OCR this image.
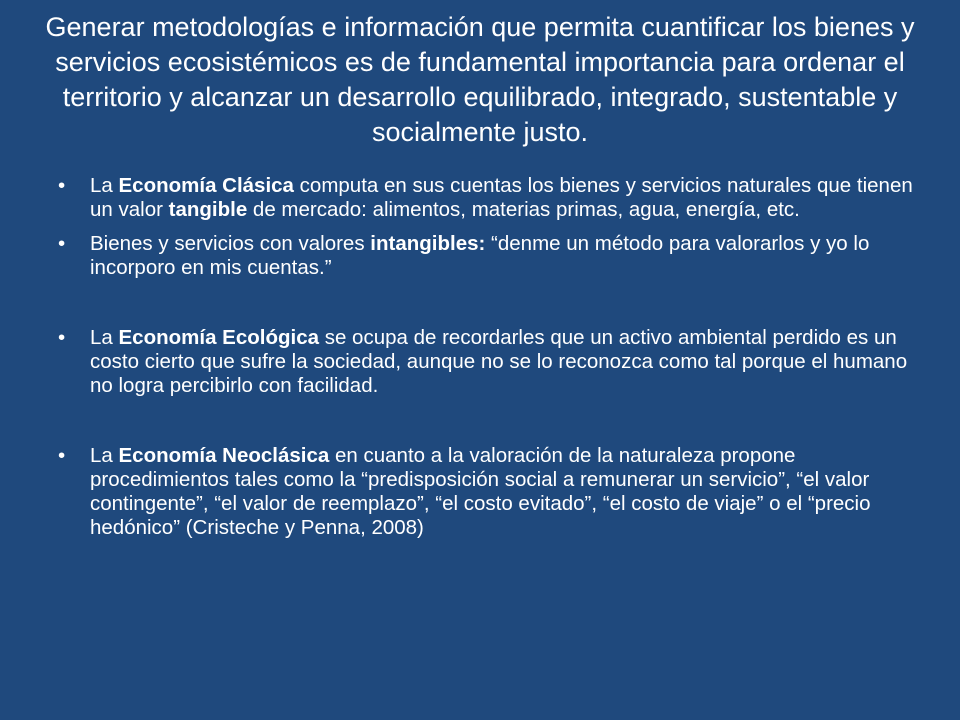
Generar metodologías e información que permita cuantificar los bienes y servicios ecosistémicos es de fundamental importancia para ordenar el territorio y alcanzar un desarrollo equilibrado, integrado, sustentable y socialmente justo.
•	La Economía Clásica computa en sus cuentas los bienes y servicios naturales que tienen un valor tangible de mercado: alimentos, materias primas, agua, energía, etc.
•	Bienes y servicios con valores intangibles: “denme un método para valorarlos y yo lo incorporo en mis cuentas.”
•	La Economía Ecológica se ocupa de recordarles que un activo ambiental perdido es un costo cierto que sufre la sociedad, aunque no se lo reconozca como tal porque el humano no logra percibirlo con facilidad.
•	La Economía Neoclásica en cuanto a la valoración de la naturaleza propone procedimientos tales como la “predisposición social a remunerar un servicio”, “el valor contingente”, “el valor de reemplazo”, “el costo evitado”, “el costo de viaje” o el “precio hedónico” (Cristeche y Penna, 2008)
